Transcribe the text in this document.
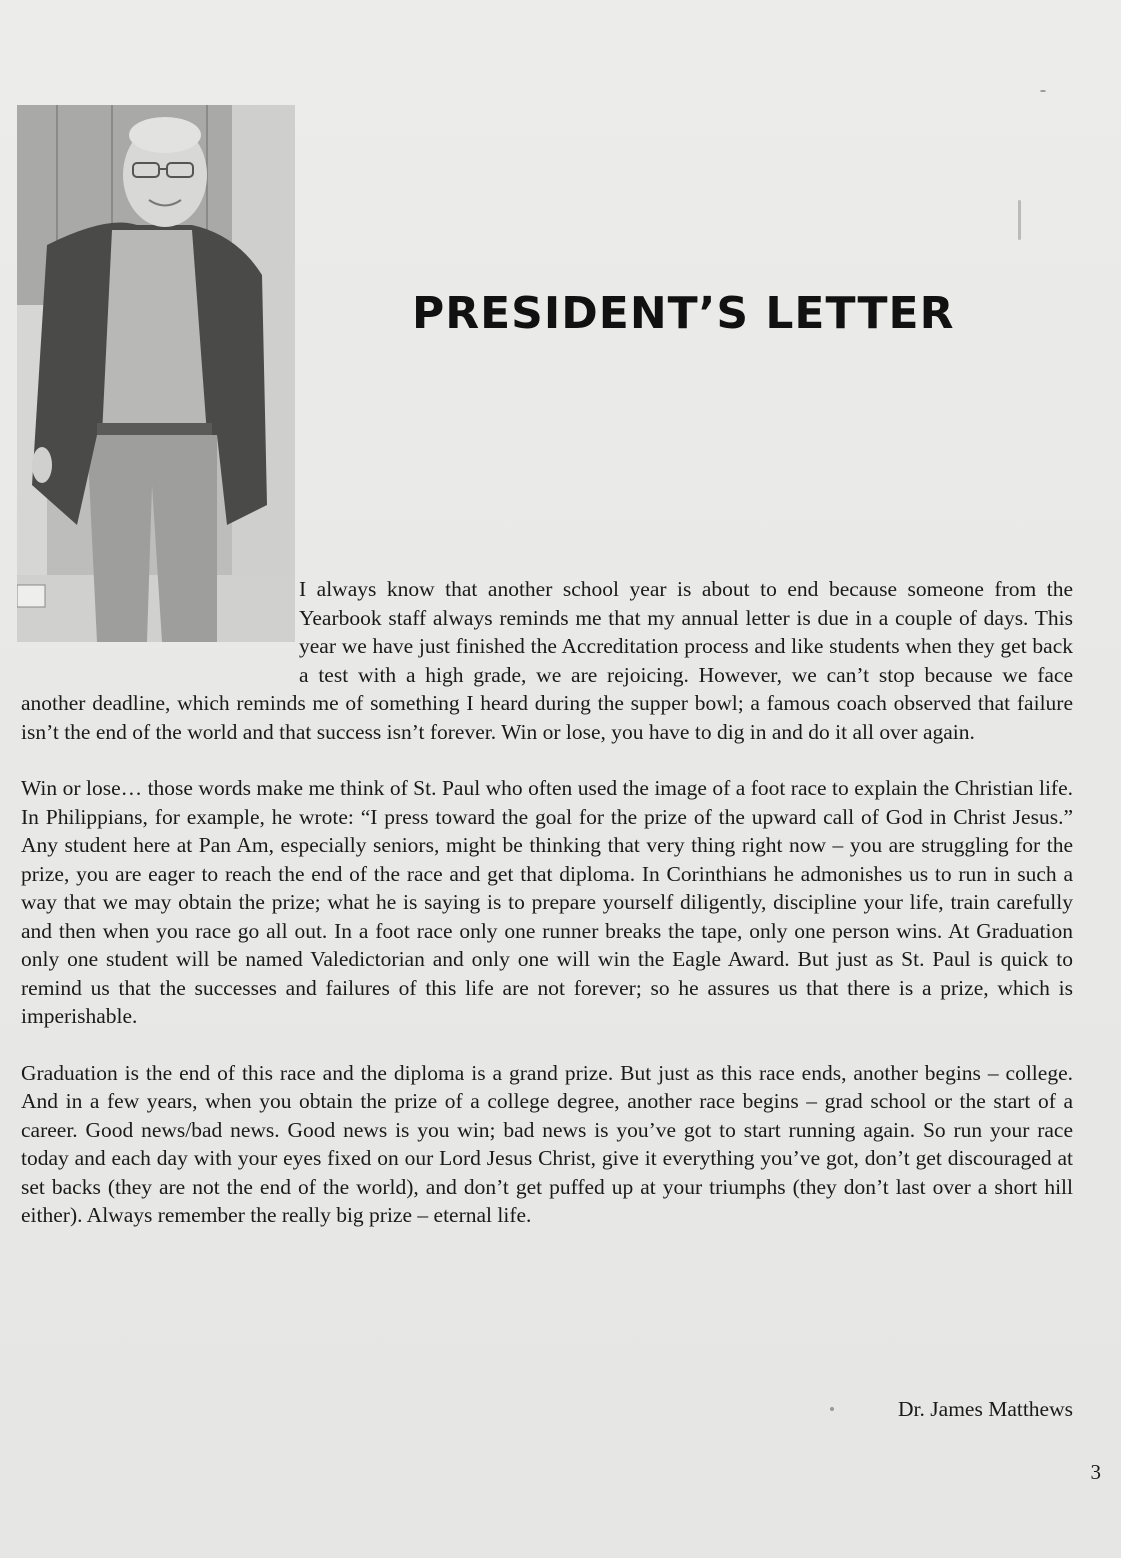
PRESIDENT’S LETTER

I always know that another school year is about to end because someone from the Yearbook staff always reminds me that my annual letter is due in a couple of days. This year we have just finished the Accreditation process and like students when they get back a test with a high grade, we are rejoicing. However, we can’t stop because we face another deadline, which reminds me of something I heard during the supper bowl; a famous coach observed that failure isn’t the end of the world and that success isn’t forever. Win or lose, you have to dig in and do it all over again.

Win or lose… those words make me think of St. Paul who often used the image of a foot race to explain the Christian life. In Philippians, for example, he wrote: “I press toward the goal for the prize of the upward call of God in Christ Jesus.” Any student here at Pan Am, especially seniors, might be thinking that very thing right now – you are struggling for the prize, you are eager to reach the end of the race and get that diploma. In Corinthians he admonishes us to run in such a way that we may obtain the prize; what he is saying is to prepare yourself diligently, discipline your life, train carefully and then when you race go all out. In a foot race only one runner breaks the tape, only one person wins. At Graduation only one student will be named Valedictorian and only one will win the Eagle Award. But just as St. Paul is quick to remind us that the successes and failures of this life are not forever; so he assures us that there is a prize, which is imperishable.

Graduation is the end of this race and the diploma is a grand prize. But just as this race ends, another begins – college. And in a few years, when you obtain the prize of a college degree, another race begins – grad school or the start of a career. Good news/bad news. Good news is you win; bad news is you’ve got to start running again. So run your race today and each day with your eyes fixed on our Lord Jesus Christ, give it everything you’ve got, don’t get discouraged at set backs (they are not the end of the world), and don’t get puffed up at your triumphs (they don’t last over a short hill either). Always remember the really big prize – eternal life.

Dr. James Matthews
3
